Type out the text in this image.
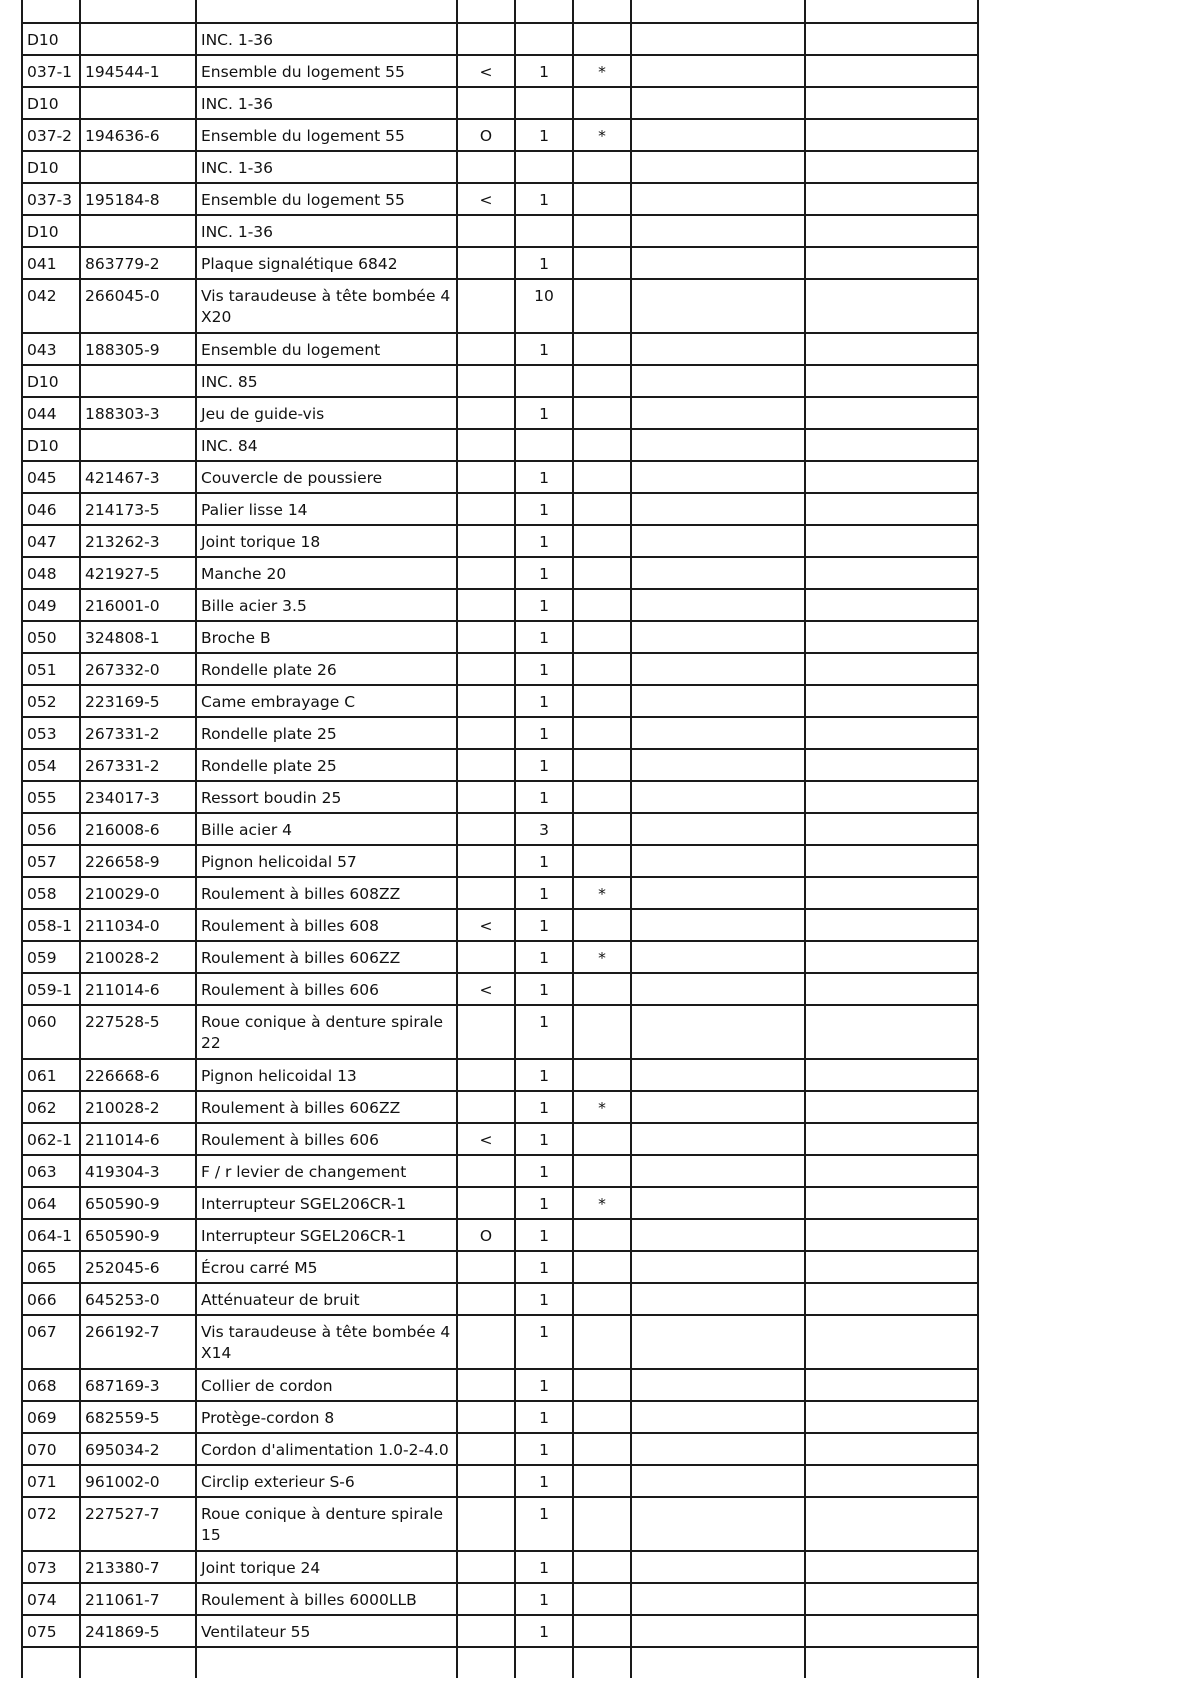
D10		INC. 1-36					
037-1	194544-1	Ensemble du logement 55	<	1	*		
D10		INC. 1-36					
037-2	194636-6	Ensemble du logement 55	O	1	*		
D10		INC. 1-36					
037-3	195184-8	Ensemble du logement 55	<	1			
D10		INC. 1-36					
041	863779-2	Plaque signalétique 6842		1			
042	266045-0	Vis taraudeuse à tête bombée 4X20		10			
043	188305-9	Ensemble du logement		1			
D10		INC. 85					
044	188303-3	Jeu de guide-vis		1			
D10		INC. 84					
045	421467-3	Couvercle de poussiere		1			
046	214173-5	Palier lisse 14		1			
047	213262-3	Joint torique 18		1			
048	421927-5	Manche 20		1			
049	216001-0	Bille acier 3.5		1			
050	324808-1	Broche B		1			
051	267332-0	Rondelle plate 26		1			
052	223169-5	Came embrayage C		1			
053	267331-2	Rondelle plate 25		1			
054	267331-2	Rondelle plate 25		1			
055	234017-3	Ressort boudin 25		1			
056	216008-6	Bille acier 4		3			
057	226658-9	Pignon helicoidal 57		1			
058	210029-0	Roulement à billes 608ZZ		1	*		
058-1	211034-0	Roulement à billes 608	<	1			
059	210028-2	Roulement à billes 606ZZ		1	*		
059-1	211014-6	Roulement à billes 606	<	1			
060	227528-5	Roue conique à denture spirale 22		1			
061	226668-6	Pignon helicoidal 13		1			
062	210028-2	Roulement à billes 606ZZ		1	*		
062-1	211014-6	Roulement à billes 606	<	1			
063	419304-3	F / r levier de changement		1			
064	650590-9	Interrupteur SGEL206CR-1		1	*		
064-1	650590-9	Interrupteur SGEL206CR-1	O	1			
065	252045-6	Écrou carré M5		1			
066	645253-0	Atténuateur de bruit		1			
067	266192-7	Vis taraudeuse à tête bombée 4X14		1			
068	687169-3	Collier de cordon		1			
069	682559-5	Protège-cordon 8		1			
070	695034-2	Cordon d'alimentation 1.0-2-4.0		1			
071	961002-0	Circlip exterieur S-6		1			
072	227527-7	Roue conique à denture spirale 15		1			
073	213380-7	Joint torique 24		1			
074	211061-7	Roulement à billes 6000LLB		1			
075	241869-5	Ventilateur 55		1			
